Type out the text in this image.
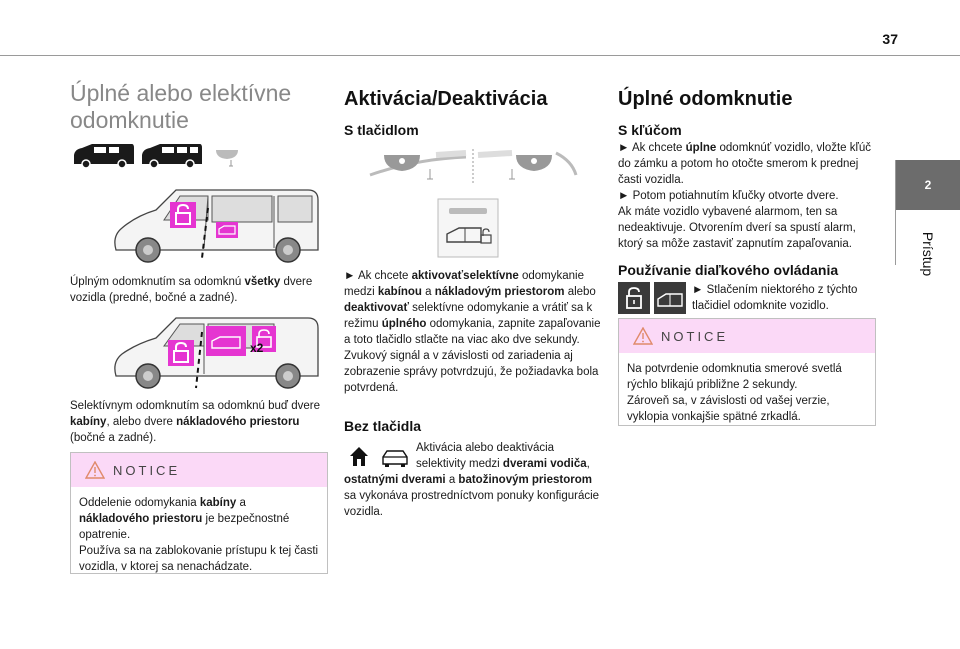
37
2
Prístup
Úplné alebo elektívne
odomknutie

Úplným odomknutím sa odomknú všetky dvere vozidla (predné, bočné a zadné).

x2

Selektívnym odomknutím sa odomknú buď dvere kabíny, alebo dvere nákladového priestoru (bočné a zadné).

NOTICE
Oddelenie odomykania kabíny a nákladového priestoru je bezpečnostné opatrenie.
Používa sa na zablokovanie prístupu k tej časti vozidla, v ktorej sa nenachádzate.
Aktivácia/Deaktivácia
S tlačidlom

► Ak chcete aktivovaťselektívne odomykanie medzi kabínou a nákladovým priestorom alebo deaktivovať selektívne odomykanie a vrátiť sa k režimu úplného odomykania, zapnite zapaľovanie a toto tlačidlo stlačte na viac ako dve sekundy.
Zvukový signál a v závislosti od zariadenia aj zobrazenie správy potvrdzujú, že požiadavka bola potvrdená.

Bez tlačidla

Aktivácia alebo deaktivácia selektivity medzi dverami vodiča,

ostatnými dverami a batožinovým priestorom
sa vykonáva prostredníctvom ponuky konfigurácie vozidla.

Úplné odomknutie
S kľúčom

► Ak chcete úplne odomknúť vozidlo, vložte kľúč do zámku a potom ho otočte smerom k prednej časti vozidla.
► Potom potiahnutím kľučky otvorte dvere.
Ak máte vozidlo vybavené alarmom, ten sa nedeaktivuje. Otvorením dverí sa spustí alarm, ktorý sa môže zastaviť zapnutím zapaľovania.

Používanie diaľkového ovládania

► Stlačením niektorého z týchto tlačidiel odomknite vozidlo.

NOTICE
Na potvrdenie odomknutia smerové svetlá rýchlo blikajú približne 2 sekundy.
Zároveň sa, v závislosti od vašej verzie, vyklopia vonkajšie spätné zrkadlá.
